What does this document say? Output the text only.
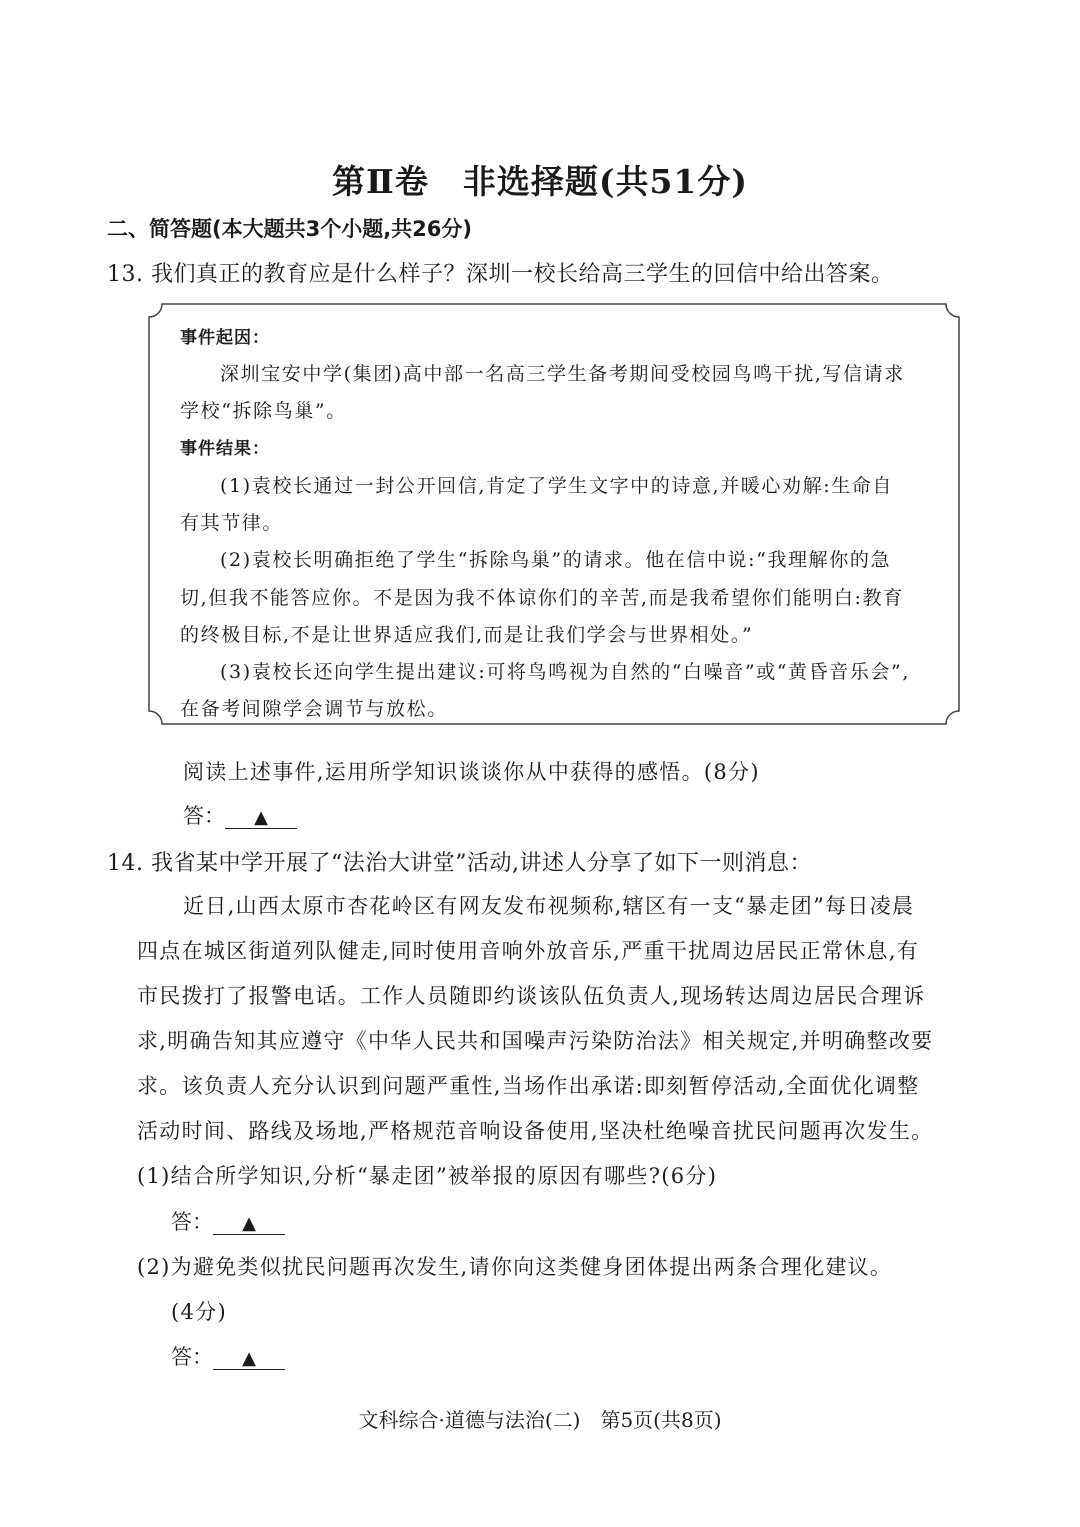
第Ⅱ卷　非选择题(共51分)
二、简答题(本大题共3个小题,共26分)
13. 我们真正的教育应是什么样子？深圳一校长给高三学生的回信中给出答案。
事件起因：
深圳宝安中学(集团)高中部一名高三学生备考期间受校园鸟鸣干扰,写信请求
学校“拆除鸟巢”。
事件结果：
(1)袁校长通过一封公开回信,肯定了学生文字中的诗意,并暖心劝解:生命自
有其节律。
(2)袁校长明确拒绝了学生“拆除鸟巢”的请求。他在信中说:“我理解你的急
切,但我不能答应你。不是因为我不体谅你们的辛苦,而是我希望你们能明白:教育
的终极目标,不是让世界适应我们,而是让我们学会与世界相处。”
(3)袁校长还向学生提出建议:可将鸟鸣视为自然的“白噪音”或“黄昏音乐会”,
在备考间隙学会调节与放松。
阅读上述事件,运用所学知识谈谈你从中获得的感悟。(8分)
答： ▲
14. 我省某中学开展了“法治大讲堂”活动,讲述人分享了如下一则消息：
近日,山西太原市杏花岭区有网友发布视频称,辖区有一支“暴走团”每日凌晨
四点在城区街道列队健走,同时使用音响外放音乐,严重干扰周边居民正常休息,有
市民拨打了报警电话。工作人员随即约谈该队伍负责人,现场转达周边居民合理诉
求,明确告知其应遵守《中华人民共和国噪声污染防治法》相关规定,并明确整改要
求。该负责人充分认识到问题严重性,当场作出承诺:即刻暂停活动,全面优化调整
活动时间、路线及场地,严格规范音响设备使用,坚决杜绝噪音扰民问题再次发生。
(1)结合所学知识,分析“暴走团”被举报的原因有哪些?(6分)
答： ▲
(2)为避免类似扰民问题再次发生,请你向这类健身团体提出两条合理化建议。
(4分)
答： ▲
文科综合·道德与法治(二)　第5页(共8页)
